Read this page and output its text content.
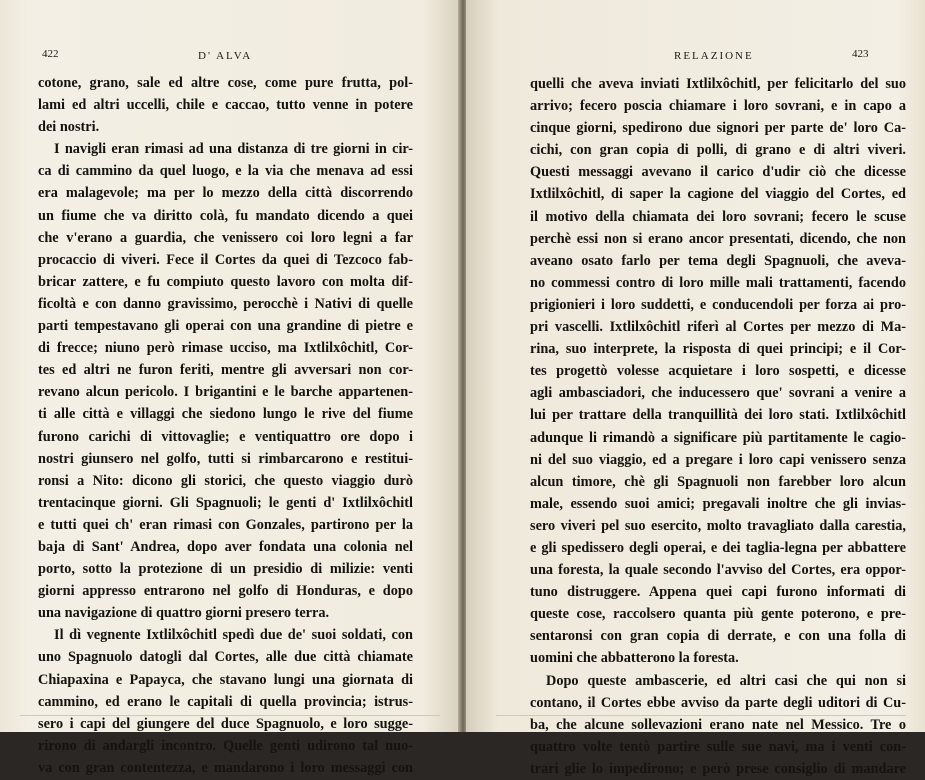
422	D' ALVA
cotone, grano, sale ed altre cose, come pure frutta, pol-
lami ed altri uccelli, chile e caccao, tutto venne in potere
dei nostri.
I navigli eran rimasi ad una distanza di tre giorni in cir-
ca di cammino da quel luogo, e la via che menava ad essi
era malagevole; ma per lo mezzo della città discorrendo
un fiume che va diritto colà, fu mandato dicendo a quei
che v'erano a guardia, che venissero coi loro legni a far
procaccio di viveri. Fece il Cortes da quei di Tezcoco fab-
bricar zattere, e fu compiuto questo lavoro con molta dif-
ficoltà e con danno gravissimo, perocchè i Nativi di quelle
parti tempestavano gli operai con una grandine di pietre e
di frecce; niuno però rimase ucciso, ma Ixtlilxôchitl, Cor-
tes ed altri ne furon feriti, mentre gli avversari non cor-
revano alcun pericolo. I brigantini e le barche appartenen-
ti alle città e villaggi che siedono lungo le rive del fiume
furono carichi di vittovaglie; e ventiquattro ore dopo i
nostri giunsero nel golfo, tutti si rimbarcarono e restitui-
ronsi a Nito: dicono gli storici, che questo viaggio durò
trentacinque giorni. Gli Spagnuoli; le genti d' Ixtlilxôchitl
e tutti quei ch' eran rimasi con Gonzales, partirono per la
baja di Sant' Andrea, dopo aver fondata una colonia nel
porto, sotto la protezione di un presidio di milizie: venti
giorni appresso entrarono nel golfo di Honduras, e dopo
una navigazione di quattro giorni presero terra.
Il dì vegnente Ixtlilxôchitl spedì due de' suoi soldati, con
uno Spagnuolo datogli dal Cortes, alle due città chiamate
Chiapaxina e Papayca, che stavano lungi una giornata di
cammino, ed erano le capitali di quella provincia; istrus-
sero i capi del giungere del duce Spagnuolo, e loro sugge-
rirono di andargli incontro. Quelle genti udirono tal nuo-
va con gran contentezza, e mandarono i loro messaggi con
RELAZIONE	423
quelli che aveva inviati Ixtlilxôchitl, per felicitarlo del suo
arrivo; fecero poscia chiamare i loro sovrani, e in capo a
cinque giorni, spedirono due signori per parte de' loro Ca-
cichi, con gran copia di polli, di grano e di altri viveri.
Questi messaggi avevano il carico d'udir ciò che dicesse
Ixtlilxôchitl, di saper la cagione del viaggio del Cortes, ed
il motivo della chiamata dei loro sovrani; fecero le scuse
perchè essi non si erano ancor presentati, dicendo, che non
aveano osato farlo per tema degli Spagnuoli, che aveva-
no commessi contro di loro mille mali trattamenti, facendo
prigionieri i loro suddetti, e conducendoli per forza ai pro-
pri vascelli. Ixtlilxôchitl riferì al Cortes per mezzo di Ma-
rina, suo interprete, la risposta di quei principi; e il Cor-
tes progettò volesse acquietare i loro sospetti, e dicesse
agli ambasciadori, che inducessero que' sovrani a venire a
lui per trattare della tranquillità dei loro stati. Ixtlilxôchitl
adunque li rimandò a significare più partitamente le cagio-
ni del suo viaggio, ed a pregare i loro capi venissero senza
alcun timore, chè gli Spagnuoli non farebber loro alcun
male, essendo suoi amici; pregavali inoltre che gli invias-
sero viveri pel suo esercito, molto travagliato dalla carestia,
e gli spedissero degli operai, e dei taglia-legna per abbattere
una foresta, la quale secondo l'avviso del Cortes, era oppor-
tuno distruggere. Appena quei capi furono informati di
queste cose, raccolsero quanta più gente poterono, e pre-
sentaronsi con gran copia di derrate, e con una folla di
uomini che abbatterono la foresta.
Dopo queste ambascerie, ed altri casi che qui non si
contano, il Cortes ebbe avviso da parte degli uditori di Cu-
ba, che alcune sollevazioni erano nate nel Messico. Tre o
quattro volte tentò partire sulle sue navi, ma i venti con-
trari glie lo impedirono; e però prese consiglio di mandare
